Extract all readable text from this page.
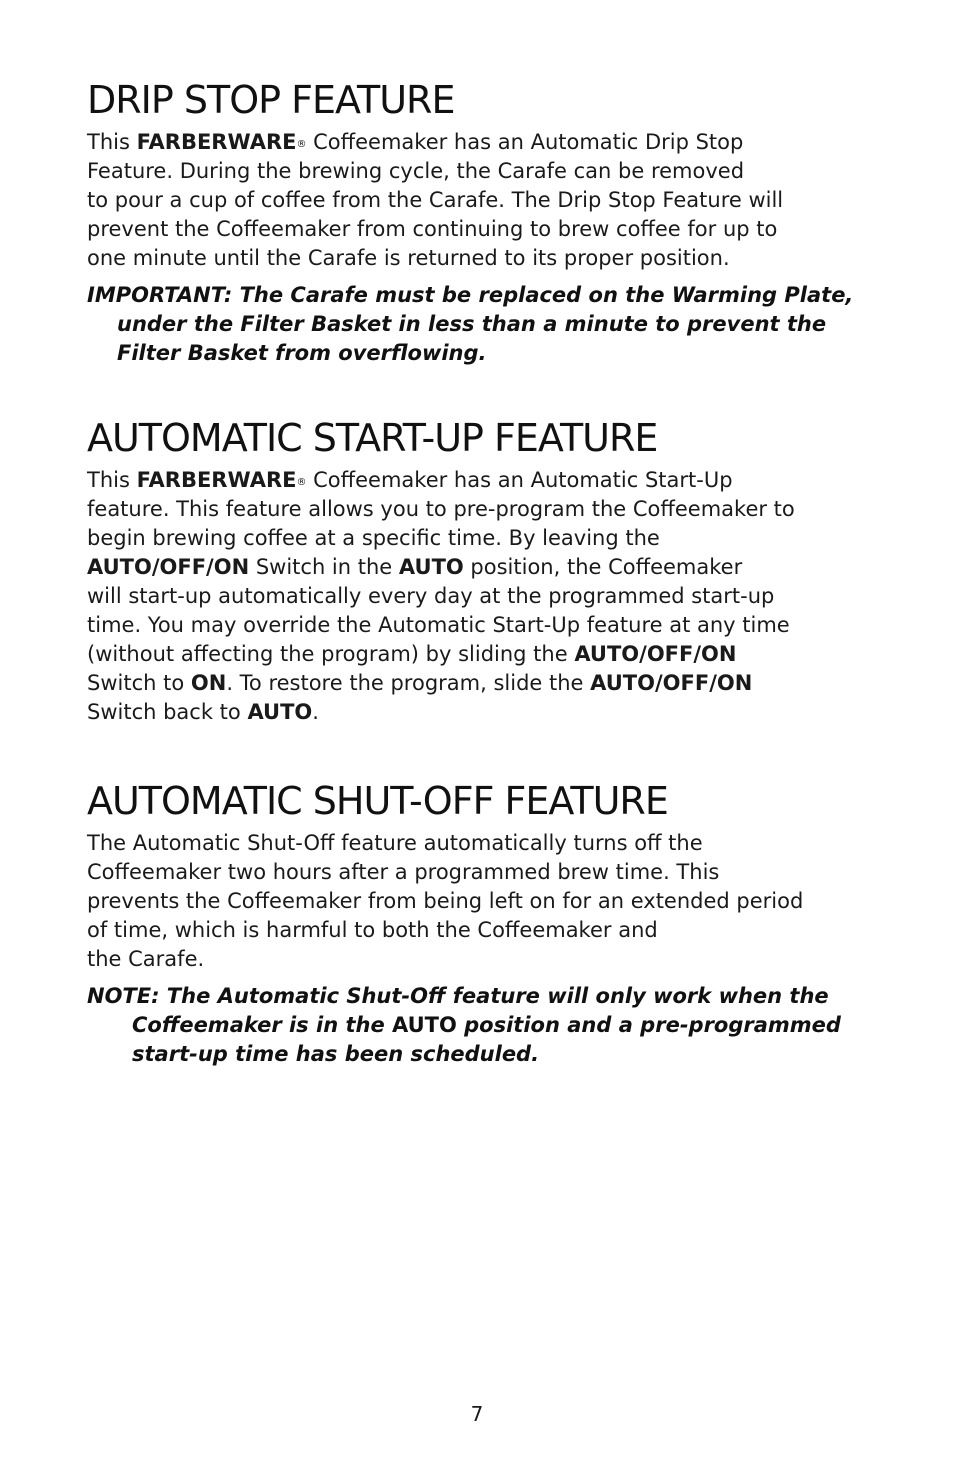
DRIP STOP FEATURE

This FARBERWARE® Coffeemaker has an Automatic Drip Stop
Feature. During the brewing cycle, the Carafe can be removed
to pour a cup of coffee from the Carafe. The Drip Stop Feature will
prevent the Coffeemaker from continuing to brew coffee for up to
one minute until the Carafe is returned to its proper position.

IMPORTANT: The Carafe must be replaced on the Warming Plate,
under the Filter Basket in less than a minute to prevent the
Filter Basket from overflowing.

AUTOMATIC START-UP FEATURE

This FARBERWARE® Coffeemaker has an Automatic Start-Up
feature. This feature allows you to pre-program the Coffeemaker to
begin brewing coffee at a specific time. By leaving the
AUTO/OFF/ON Switch in the AUTO position, the Coffeemaker
will start-up automatically every day at the programmed start-up
time. You may override the Automatic Start-Up feature at any time
(without affecting the program) by sliding the AUTO/OFF/ON
Switch to ON. To restore the program, slide the AUTO/OFF/ON
Switch back to AUTO.

AUTOMATIC SHUT-OFF FEATURE

The Automatic Shut-Off feature automatically turns off the
Coffeemaker two hours after a programmed brew time. This
prevents the Coffeemaker from being left on for an extended period
of time, which is harmful to both the Coffeemaker and
the Carafe.

NOTE: The Automatic Shut-Off feature will only work when the
Coffeemaker is in the AUTO position and a pre-programmed
start-up time has been scheduled.

7
